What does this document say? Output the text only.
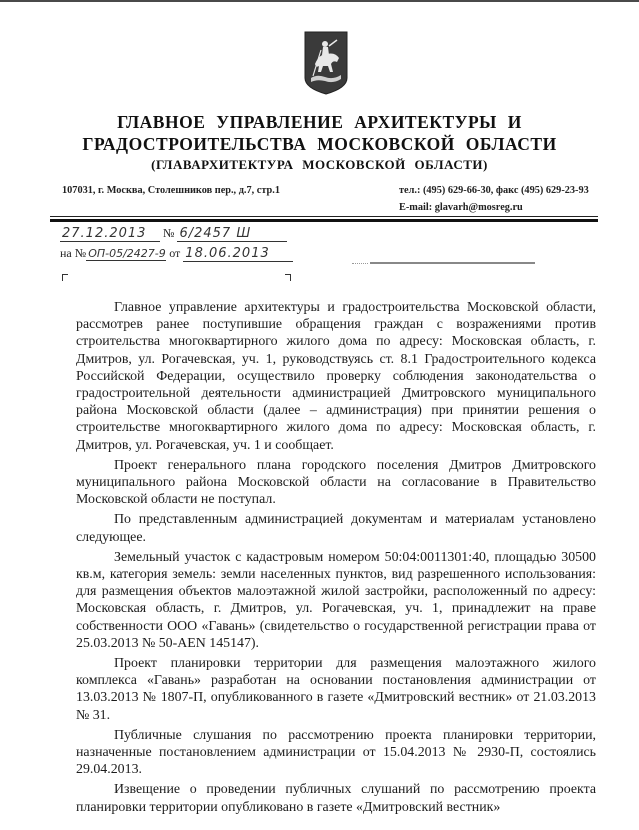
ГЛАВНОЕ УПРАВЛЕНИЕ АРХИТЕКТУРЫ И
ГРАДОСТРОИТЕЛЬСТВА МОСКОВСКОЙ ОБЛАСТИ
(ГЛАВАРХИТЕКТУРА МОСКОВСКОЙ ОБЛАСТИ)
107031, г. Москва, Столешников пер., д.7, стр.1	тел.: (495) 629-66-30, факс (495) 629-23-93
E-mail: glavarh@mosreg.ru
27.12.2013 № 6/2457 Ш
на № ОП-05/2427-9 от 18.06.2013

Главное управление архитектуры и градостроительства Московской области, рассмотрев ранее поступившие обращения граждан с возражениями против строительства многоквартирного жилого дома по адресу: Московская область, г. Дмитров, ул. Рогачевская, уч. 1, руководствуясь ст. 8.1 Градостроительного кодекса Российской Федерации, осуществило проверку соблюдения законодательства о градостроительной деятельности администрацией Дмитровского муниципального района Московской области (далее – администрация) при принятии решения о строительстве многоквартирного жилого дома по адресу: Московская область, г. Дмитров, ул. Рогачевская, уч. 1 и сообщает.

Проект генерального плана городского поселения Дмитров Дмитровского муниципального района Московской области на согласование в Правительство Московской области не поступал.

По представленным администрацией документам и материалам установлено следующее.

Земельный участок с кадастровым номером 50:04:0011301:40, площадью 30500 кв.м, категория земель: земли населенных пунктов, вид разрешенного использования: для размещения объектов малоэтажной жилой застройки, расположенный по адресу: Московская область, г. Дмитров, ул. Рогачевская, уч. 1, принадлежит на праве собственности ООО «Гавань» (свидетельство о государственной регистрации права от 25.03.2013 № 50-AEN 145147).

Проект планировки территории для размещения малоэтажного жилого комплекса «Гавань» разработан на основании постановления администрации от 13.03.2013 № 1807-П, опубликованного в газете «Дмитровский вестник» от 21.03.2013 № 31.

Публичные слушания по рассмотрению проекта планировки территории, назначенные постановлением администрации от 15.04.2013 № 2930-П, состоялись 29.04.2013.

Извещение о проведении публичных слушаний по рассмотрению проекта планировки территории опубликовано в газете «Дмитровский вестник»
